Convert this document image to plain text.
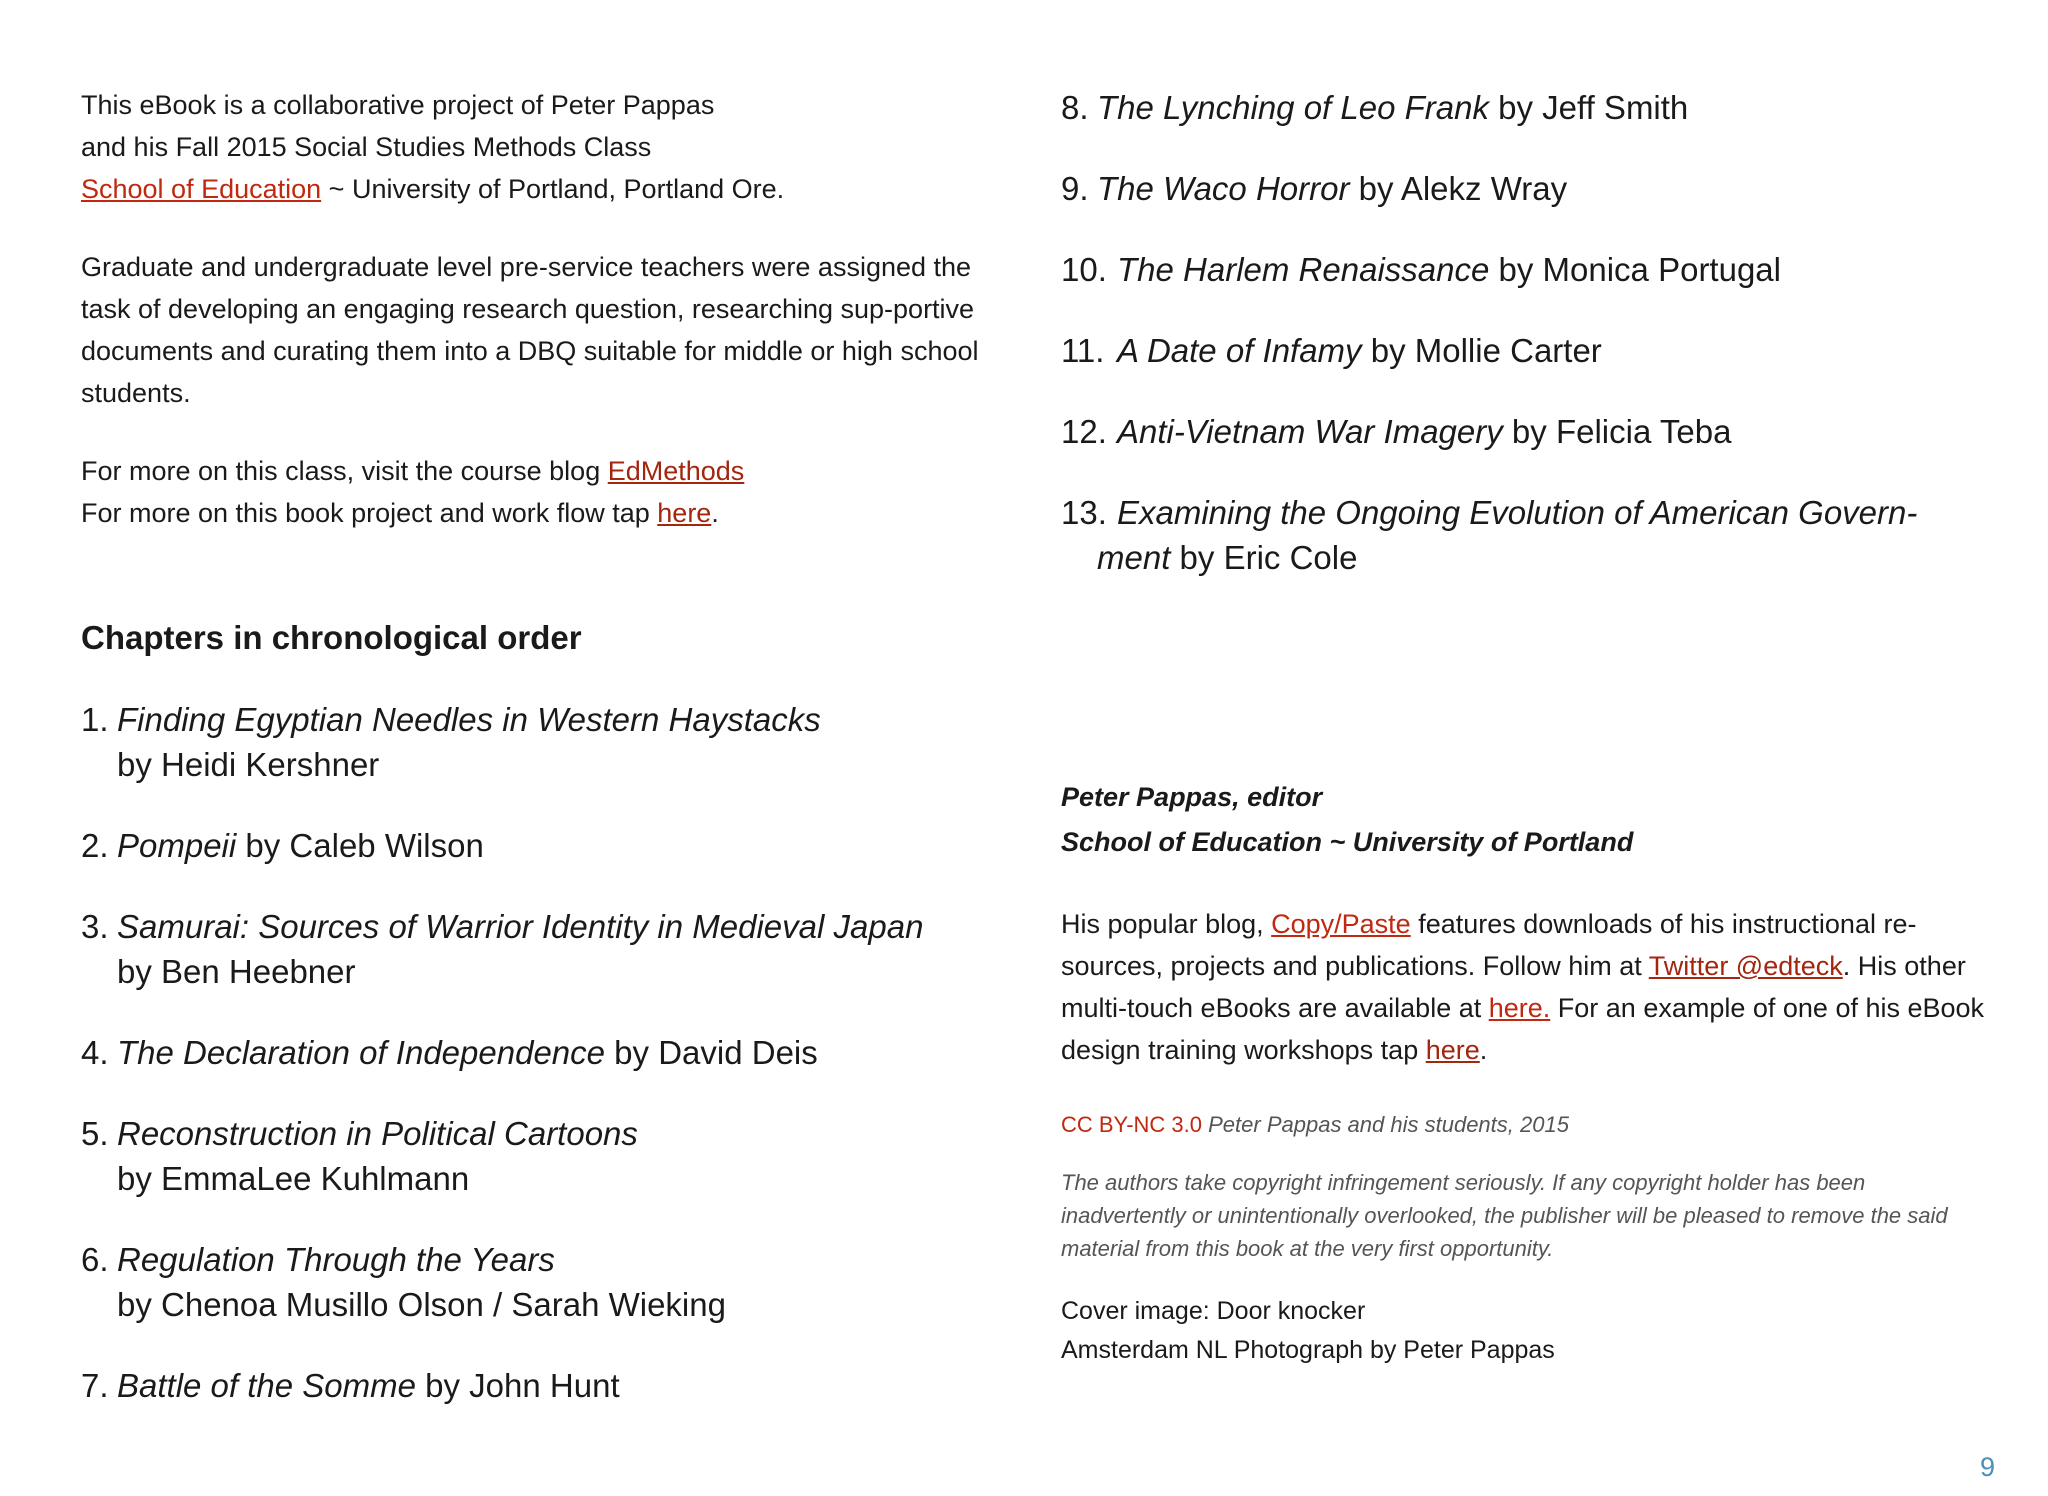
This eBook is a collaborative project of Peter Pappas

and his Fall 2015 Social Studies Methods Class

School of Education ~ University of Portland, Portland Ore.

Graduate and undergraduate level pre-service teachers were assigned the task of developing an engaging research question, researching sup-portive documents and curating them into a DBQ suitable for middle or high school students.

For more on this class, visit the course blog EdMethods

For more on this book project and work flow tap here.

Chapters in chronological order
1. Finding Egyptian Needles in Western Haystacks
by Heidi Kershner
2. Pompeii by Caleb Wilson
3. Samurai: Sources of Warrior Identity in Medieval Japan
by Ben Heebner
4. The Declaration of Independence by David Deis
5. Reconstruction in Political Cartoons
by EmmaLee Kuhlmann
6. Regulation Through the Years
by Chenoa Musillo Olson / Sarah Wieking
7. Battle of the Somme by John Hunt
8. The Lynching of Leo Frank by Jeff Smith
9. The Waco Horror by Alekz Wray
10. The Harlem Renaissance by Monica Portugal
11. A Date of Infamy by Mollie Carter
12. Anti-Vietnam War Imagery by Felicia Teba
13. Examining the Ongoing Evolution of American Govern-
ment by Eric Cole
Peter Pappas, editor
School of Education ~ University of Portland
His popular blog, Copy/Paste features downloads of his instructional re-sources, projects and publications. Follow him at Twitter @edteck. His other multi-touch eBooks are available at here. For an example of one of his eBook design training workshops tap here.
CC BY-NC 3.0 Peter Pappas and his students, 2015
The authors take copyright infringement seriously. If any copyright holder has been inadvertently or unintentionally overlooked, the publisher will be pleased to remove the said material from this book at the very first opportunity.
Cover image: Door knocker
Amsterdam NL Photograph by Peter Pappas
9
